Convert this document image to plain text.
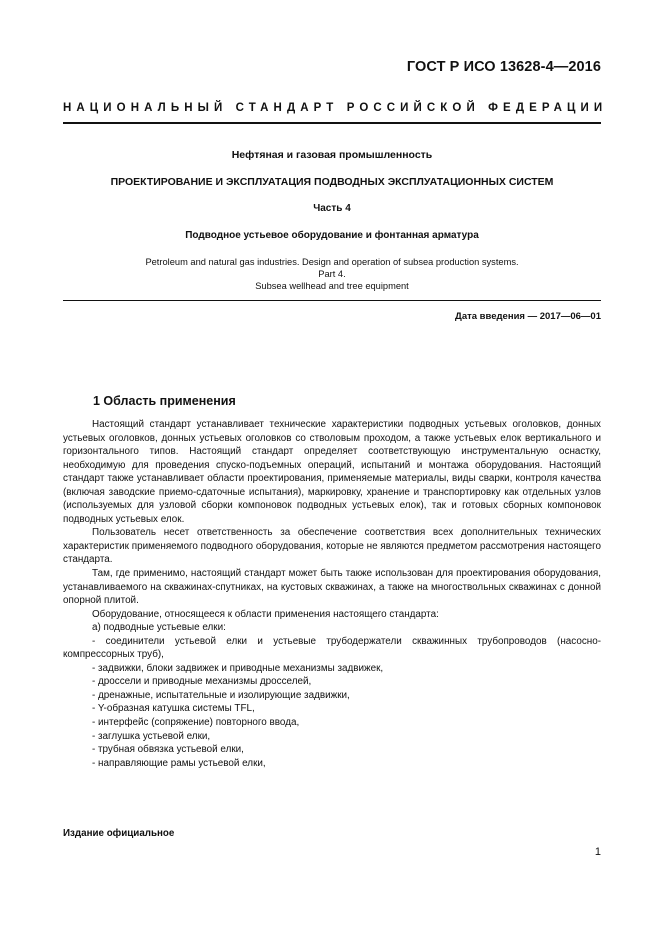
ГОСТ Р ИСО 13628-4—2016
НАЦИОНАЛЬНЫЙ СТАНДАРТ РОССИЙСКОЙ ФЕДЕРАЦИИ
Нефтяная и газовая промышленность
ПРОЕКТИРОВАНИЕ И ЭКСПЛУАТАЦИЯ ПОДВОДНЫХ ЭКСПЛУАТАЦИОННЫХ СИСТЕМ
Часть 4
Подводное устьевое оборудование и фонтанная арматура
Petroleum and natural gas industries. Design and operation of subsea production systems.
Part 4.
Subsea wellhead and tree equipment
Дата введения — 2017—06—01
1 Область применения

Настоящий стандарт устанавливает технические характеристики подводных устьевых оголовков, донных устьевых оголовков, донных устьевых оголовков со стволовым проходом, а также устьевых елок вертикального и горизонтального типов. Настоящий стандарт определяет соответствующую инструментальную оснастку, необходимую для проведения спуско-подъемных операций, испытаний и монтажа оборудования. Настоящий стандарт также устанавливает области проектирования, применяемые материалы, виды сварки, контроля качества (включая заводские приемо-сдаточные испытания), маркировку, хранение и транспортировку как отдельных узлов (используемых для узловой сборки компоновок подводных устьевых елок), так и готовых сборных компоновок подводных устьевых елок.

Пользователь несет ответственность за обеспечение соответствия всех дополнительных технических характеристик применяемого подводного оборудования, которые не являются предметом рассмотрения настоящего стандарта.

Там, где применимо, настоящий стандарт может быть также использован для проектирования оборудования, устанавливаемого на скважинах-спутниках, на кустовых скважинах, а также на многоствольных скважинах с донной опорной плитой.

Оборудование, относящееся к области применения настоящего стандарта:

а) подводные устьевые елки:

- соединители устьевой елки и устьевые трубодержатели скважинных трубопроводов (насосно-компрессорных труб),

- задвижки, блоки задвижек и приводные механизмы задвижек,

- дроссели и приводные механизмы дросселей,

- дренажные, испытательные и изолирующие задвижки,

- Y-образная катушка системы TFL,

- интерфейс (сопряжение) повторного ввода,

- заглушка устьевой елки,

- трубная обвязка устьевой елки,

- направляющие рамы устьевой елки,

Издание официальное
1
